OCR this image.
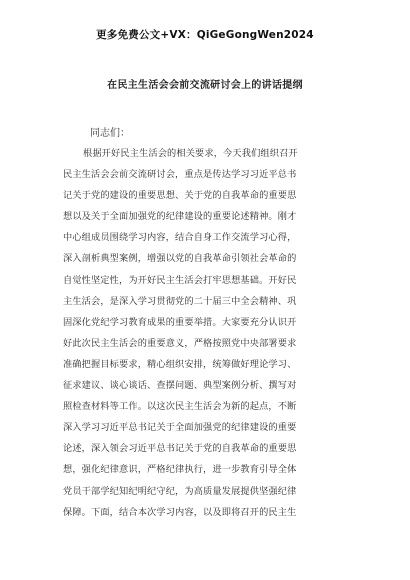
更多免费公文+VX：QiGeGongWen2024
在民主生活会会前交流研讨会上的讲话提纲
同志们：
根据开好民主生活会的相关要求，今天我们组织召开
民主生活会会前交流研讨会，重点是传达学习习近平总书
记关于党的建设的重要思想、关于党的自我革命的重要思
想以及关于全面加强党的纪律建设的重要论述精神。刚才
中心组成员围绕学习内容，结合自身工作交流学习心得，
深入剖析典型案例，增强以党的自我革命引领社会革命的
自觉性坚定性，为开好民主生活会打牢思想基础。开好民
主生活会，是深入学习贯彻党的二十届三中全会精神、巩
固深化党纪学习教育成果的重要举措。大家要充分认识开
好此次民主生活会的重要意义，严格按照党中央部署要求
准确把握目标要求，精心组织安排，统筹做好理论学习、
征求建议、谈心谈话、查摆问题、典型案例分析、撰写对
照检查材料等工作。以这次民主生活会为新的起点，不断
深入学习习近平总书记关于全面加强党的纪律建设的重要
论述，深入领会习近平总书记关于党的自我革命的重要思
想，强化纪律意识，严格纪律执行，进一步教育引导全体
党员干部学纪知纪明纪守纪，为高质量发展提供坚强纪律
保障。下面，结合本次学习内容，以及即将召开的民主生
